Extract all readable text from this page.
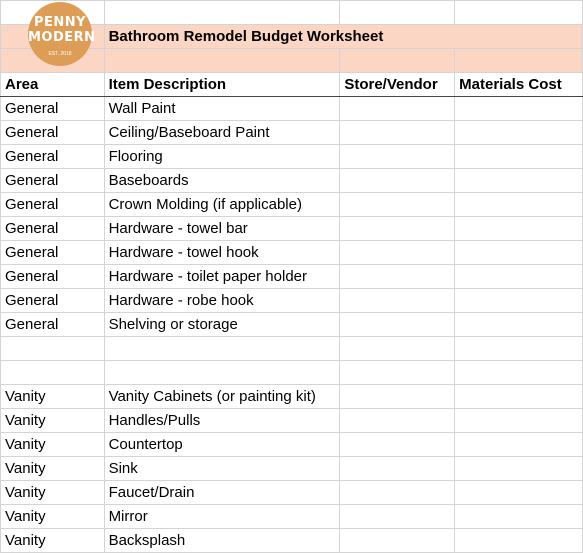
PENNY
MODERN
EST. 2018

	Bathroom Remodel Budget Worksheet		

Area	Item Description	Store/Vendor	Materials Cost
General	Wall Paint		
General	Ceiling/Baseboard Paint		
General	Flooring		
General	Baseboards		
General	Crown Molding (if applicable)		
General	Hardware - towel bar		
General	Hardware - towel hook		
General	Hardware - toilet paper holder		
General	Hardware - robe hook		
General	Shelving or storage		

Vanity	Vanity Cabinets (or painting kit)		
Vanity	Handles/Pulls		
Vanity	Countertop		
Vanity	Sink		
Vanity	Faucet/Drain		
Vanity	Mirror		
Vanity	Backsplash		
